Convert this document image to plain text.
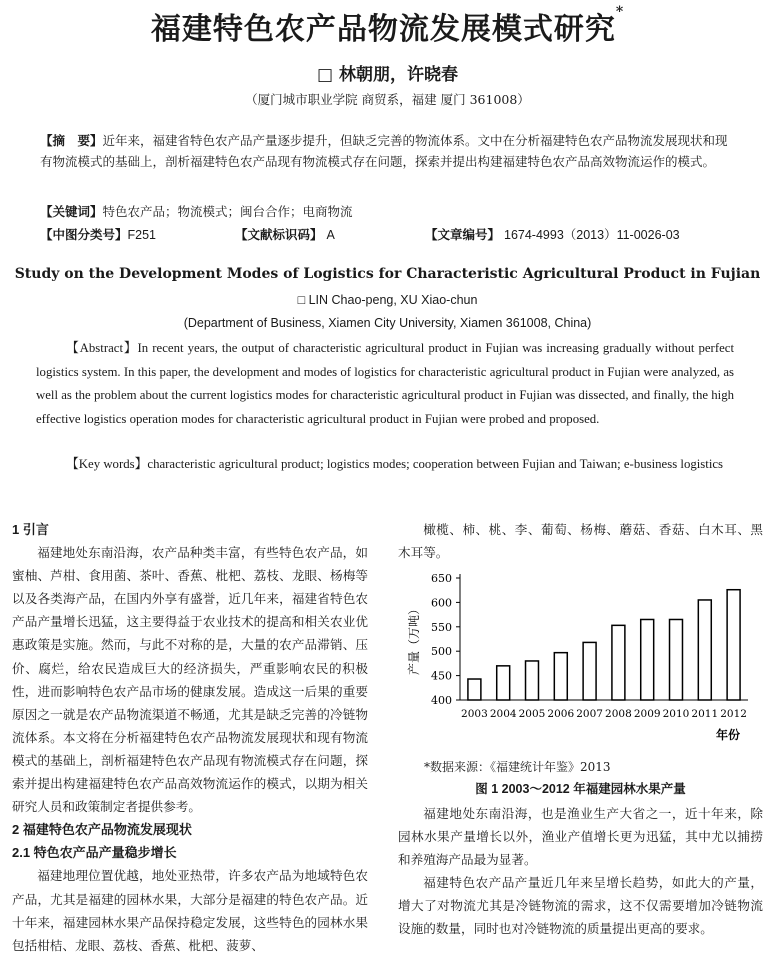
福建特色农产品物流发展模式研究*
□ 林朝朋，许晓春
（厦门城市职业学院 商贸系，福建 厦门 361008）
【摘　要】近年来，福建省特色农产品产量逐步提升，但缺乏完善的物流体系。文中在分析福建特色农产品物流发展现状和现有物流模式的基础上，剖析福建特色农产品现有物流模式存在问题，探索并提出构建福建特色农产品高效物流运作的模式。
【关键词】特色农产品；物流模式；闽台合作；电商物流
【中图分类号】F251	【文献标识码】 A	【文章编号】 1674-4993（2013）11-0026-03
Study on the Development Modes of Logistics for Characteristic Agricultural Product in Fujian
□ LIN Chao-peng, XU Xiao-chun
(Department of Business, Xiamen City University, Xiamen 361008, China)
【Abstract】In recent years, the output of characteristic agricultural product in Fujian was increasing gradually without perfect logistics system. In this paper, the development and modes of logistics for characteristic agricultural product in Fujian were analyzed, as well as the problem about the current logistics modes for characteristic agricultural product in Fujian was dissected, and finally, the high effective logistics operation modes for characteristic agricultural product in Fujian were probed and proposed.
【Key words】characteristic agricultural product; logistics modes; cooperation between Fujian and Taiwan; e-business logistics

1 引言

福建地处东南沿海，农产品种类丰富，有些特色农产品，如蜜柚、芦柑、食用菌、茶叶、香蕉、枇杷、荔枝、龙眼、杨梅等以及各类海产品，在国内外享有盛誉，近几年来，福建省特色农产品产量增长迅猛，这主要得益于农业技术的提高和相关农业优惠政策是实施。然而，与此不对称的是，大量的农产品滞销、压价、腐烂，给农民造成巨大的经济损失，严重影响农民的积极性，进而影响特色农产品市场的健康发展。造成这一后果的重要原因之一就是农产品物流渠道不畅通，尤其是缺乏完善的冷链物流体系。本文将在分析福建特色农产品物流发展现状和现有物流模式的基础上，剖析福建特色农产品现有物流模式存在问题，探索并提出构建福建特色农产品高效物流运作的模式，以期为相关研究人员和政策制定者提供参考。

2 福建特色农产品物流发展现状

2.1 特色农产品产量稳步增长

福建地理位置优越，地处亚热带，许多农产品为地域特色农产品，尤其是福建的园林水果，大部分是福建的特色农产品。近十年来，福建园林水果产品保持稳定发展，这些特色的园林水果包括柑桔、龙眼、荔枝、香蕉、枇杷、菠萝、

橄榄、柿、桃、李、葡萄、杨梅、蘑菇、香菇、白木耳、黑木耳等。

400
450
500
550
600
650
产量（万吨）
2003 2004 2005 2006 2007 2008 2009 2010 2011 2012
年份
*数据来源：《福建统计年鉴》2013
图 1 2003～2012 年福建园林水果产量

福建地处东南沿海，也是渔业生产大省之一，近十年来，除园林水果产量增长以外，渔业产值增长更为迅猛，其中尤以捕捞和养殖海产品最为显著。

福建特色农产品产量近几年来呈增长趋势，如此大的产量，增大了对物流尤其是冷链物流的需求，这不仅需要增加冷链物流设施的数量，同时也对冷链物流的质量提出更高的要求。
